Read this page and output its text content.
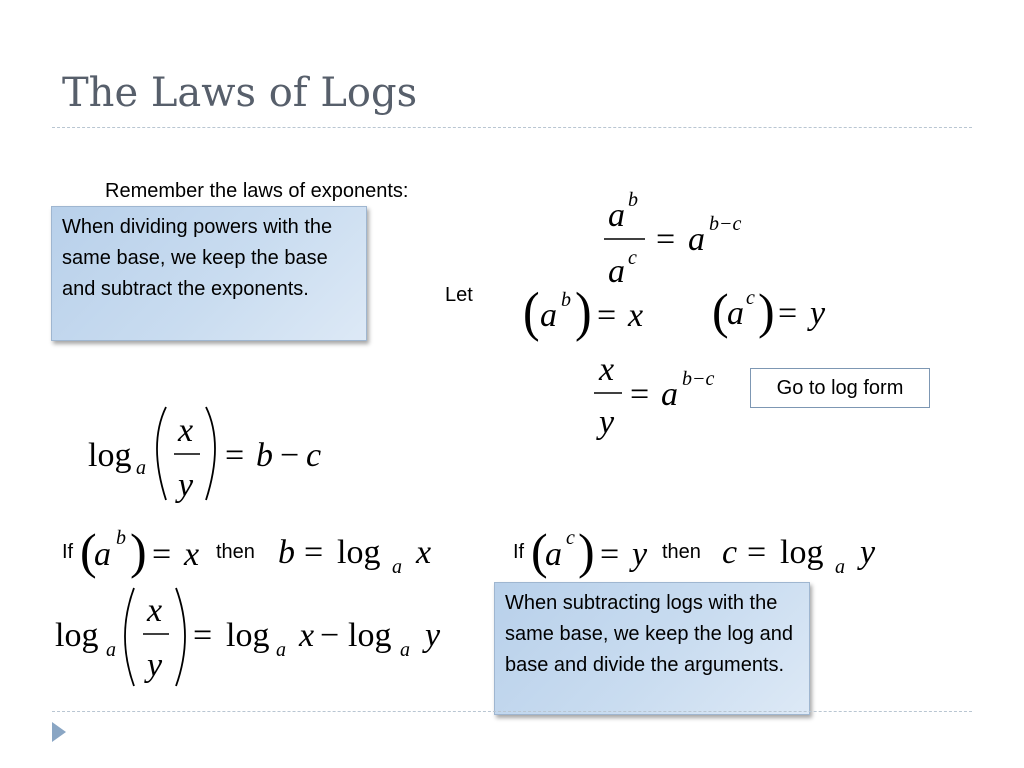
The Laws of Logs
Remember the laws of exponents:
When dividing powers with the same base, we keep the base and subtract the exponents.	Let
Go to log form
If	then	If	then
When subtracting logs with the same base, we keep the log and base and divide the arguments.
a b
a c = a b−c
( a b ) = x (
a c ) = y
x
y
= a b−c
log a
x
y
= b − c
(
a b ) = x b = log a x (
a c ) = y c = log a y
log a
x
y
= log a x − log a y
